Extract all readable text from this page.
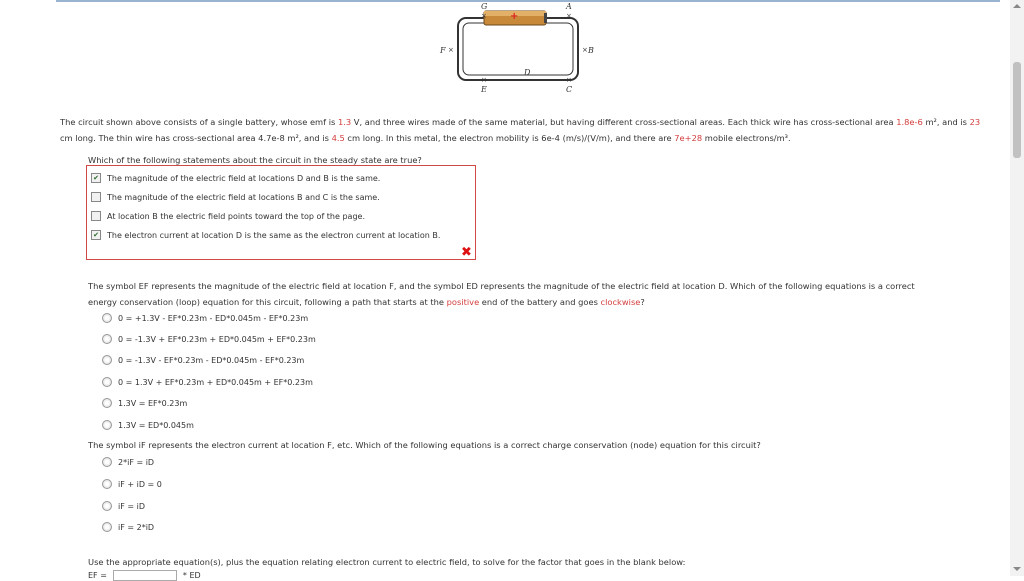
G
×
A
×
+
F ×	× B
D
×
E
×
C
The circuit shown above consists of a single battery, whose emf is 1.3 V, and three wires made of the same material, but having different cross-sectional areas. Each thick wire has cross-sectional area 1.8e-6 m², and is 23 cm long. The thin wire has cross-sectional area 4.7e-8 m², and is 4.5 cm long. In this metal, the electron mobility is 6e-4 (m/s)/(V/m), and there are 7e+28 mobile electrons/m³.
Which of the following statements about the circuit in the steady state are true?
✔ The magnitude of the electric field at locations D and B is the same.
The magnitude of the electric field at locations B and C is the same.
At location B the electric field points toward the top of the page.
✔ The electron current at location D is the same as the electron current at location B.
✖
The symbol EF represents the magnitude of the electric field at location F, and the symbol ED represents the magnitude of the electric field at location D. Which of the following equations is a correct
energy conservation (loop) equation for this circuit, following a path that starts at the positive end of the battery and goes clockwise?
0 = +1.3V - EF*0.23m - ED*0.045m - EF*0.23m
0 = -1.3V + EF*0.23m + ED*0.045m + EF*0.23m
0 = -1.3V - EF*0.23m - ED*0.045m - EF*0.23m
0 = 1.3V + EF*0.23m + ED*0.045m + EF*0.23m
1.3V = EF*0.23m
1.3V = ED*0.045m
The symbol iF represents the electron current at location F, etc. Which of the following equations is a correct charge conservation (node) equation for this circuit?
2*iF = iD
iF + iD = 0
iF = iD
iF = 2*iD
Use the appropriate equation(s), plus the equation relating electron current to electric field, to solve for the factor that goes in the blank below:
EF =	* ED
